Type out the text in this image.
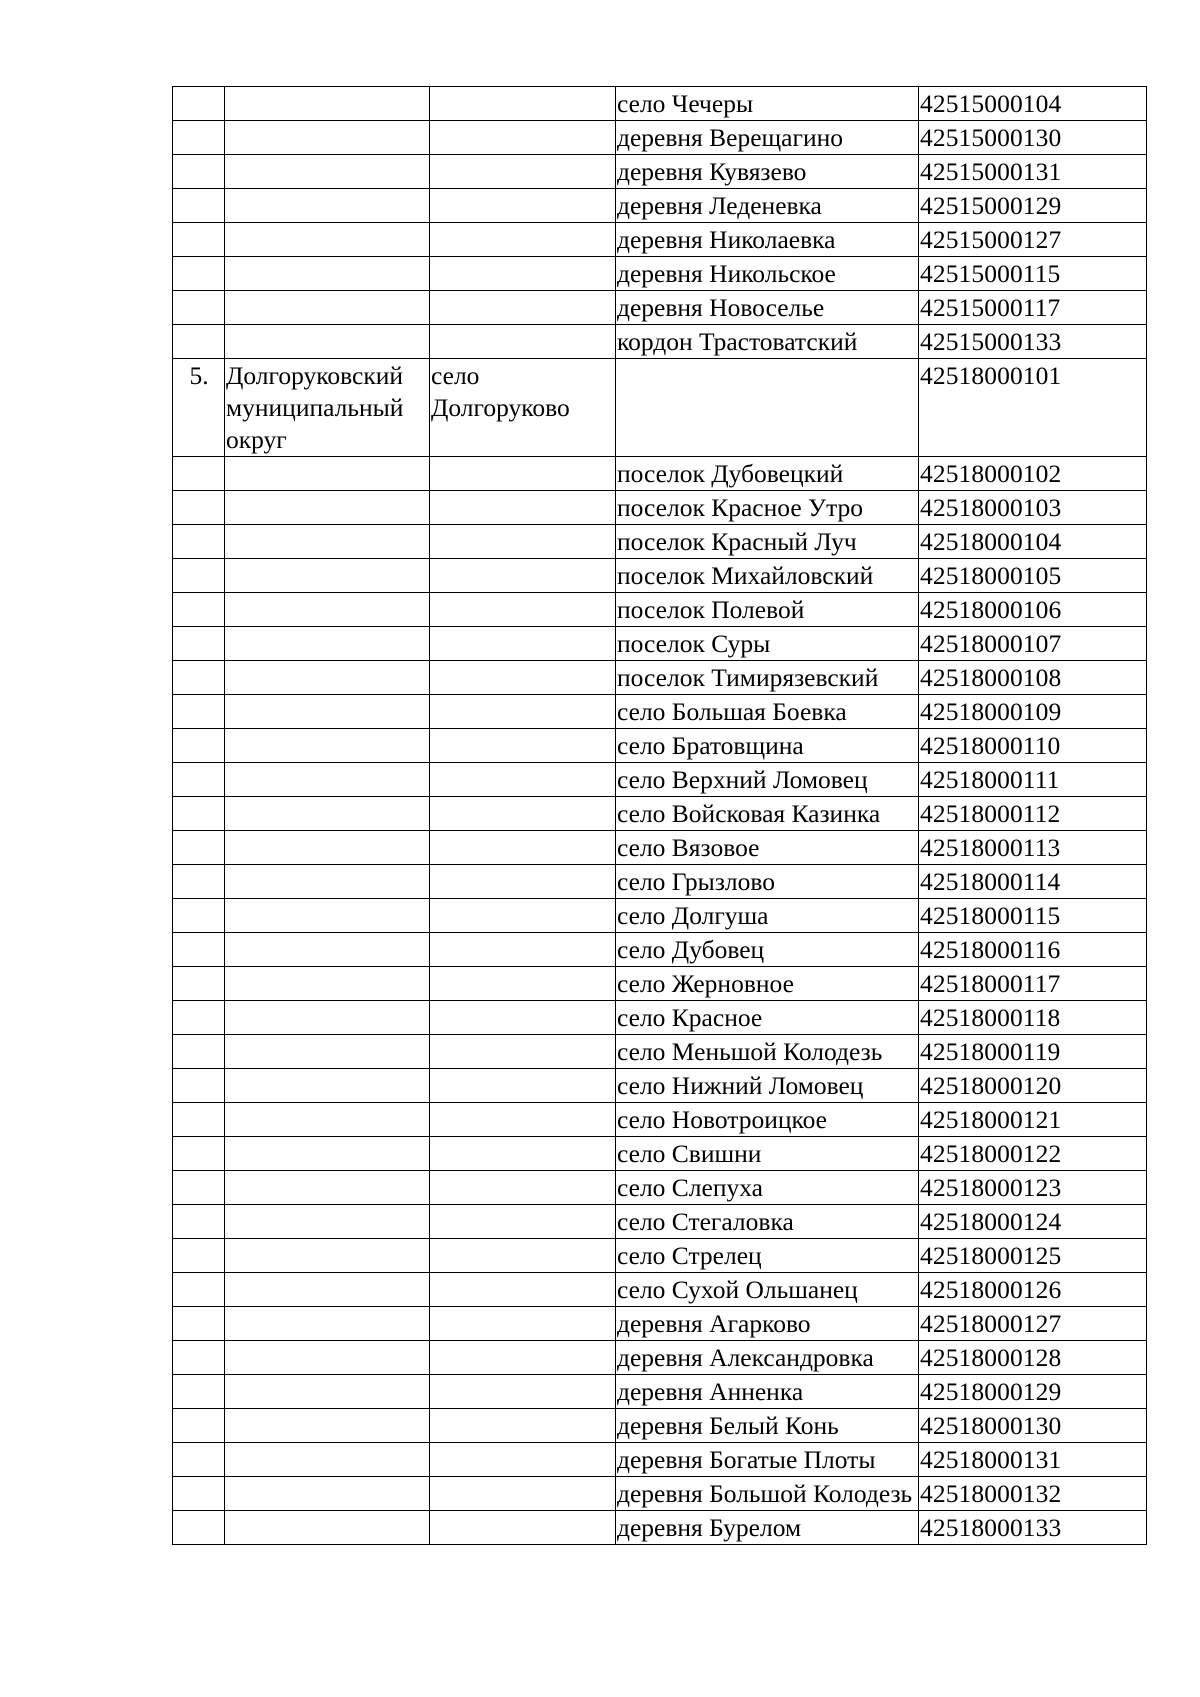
			село Чечеры	42515000104
			деревня Верещагино	42515000130
			деревня Кувязево	42515000131
			деревня Леденевка	42515000129
			деревня Николаевка	42515000127
			деревня Никольское	42515000115
			деревня Новоселье	42515000117
			кордон Трастоватский	42515000133
5.	Долгоруковский муниципальный округ	село Долгоруково		42518000101
			поселок Дубовецкий	42518000102
			поселок Красное Утро	42518000103
			поселок Красный Луч	42518000104
			поселок Михайловский	42518000105
			поселок Полевой	42518000106
			поселок Суры	42518000107
			поселок Тимирязевский	42518000108
			село Большая Боевка	42518000109
			село Братовщина	42518000110
			село Верхний Ломовец	42518000111
			село Войсковая Казинка	42518000112
			село Вязовое	42518000113
			село Грызлово	42518000114
			село Долгуша	42518000115
			село Дубовец	42518000116
			село Жерновное	42518000117
			село Красное	42518000118
			село Меньшой Колодезь	42518000119
			село Нижний Ломовец	42518000120
			село Новотроицкое	42518000121
			село Свишни	42518000122
			село Слепуха	42518000123
			село Стегаловка	42518000124
			село Стрелец	42518000125
			село Сухой Ольшанец	42518000126
			деревня Агарково	42518000127
			деревня Александровка	42518000128
			деревня Анненка	42518000129
			деревня Белый Конь	42518000130
			деревня Богатые Плоты	42518000131
			деревня Большой Колодезь	42518000132
			деревня Бурелом	42518000133
